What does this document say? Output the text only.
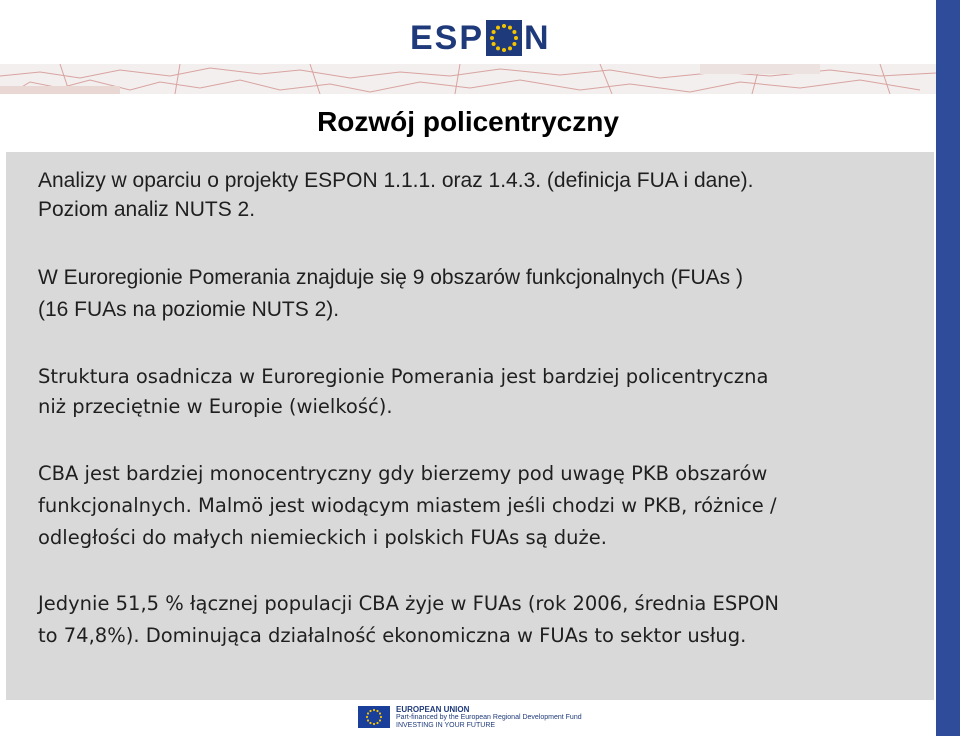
ESP N
Rozwój policentryczny
Analizy w oparciu o projekty ESPON 1.1.1. oraz 1.4.3. (definicja FUA i dane).
Poziom analiz NUTS 2.
W Euroregionie Pomerania znajduje się 9 obszarów funkcjonalnych (FUAs )
(16 FUAs na poziomie NUTS 2).
Struktura osadnicza w Euroregionie Pomerania jest bardziej policentryczna
niż przeciętnie w Europie (wielkość).
CBA jest bardziej monocentryczny gdy bierzemy pod uwagę PKB obszarów
funkcjonalnych. Malmö jest wiodącym miastem jeśli chodzi w PKB, różnice /
odległości do małych niemieckich i polskich FUAs są duże.
Jedynie 51,5 % łącznej populacji CBA żyje w FUAs (rok 2006, średnia ESPON
to 74,8%). Dominująca działalność ekonomiczna w FUAs to sektor usług.
EUROPEAN UNION
Part-financed by the European Regional Development Fund
INVESTING IN YOUR FUTURE
